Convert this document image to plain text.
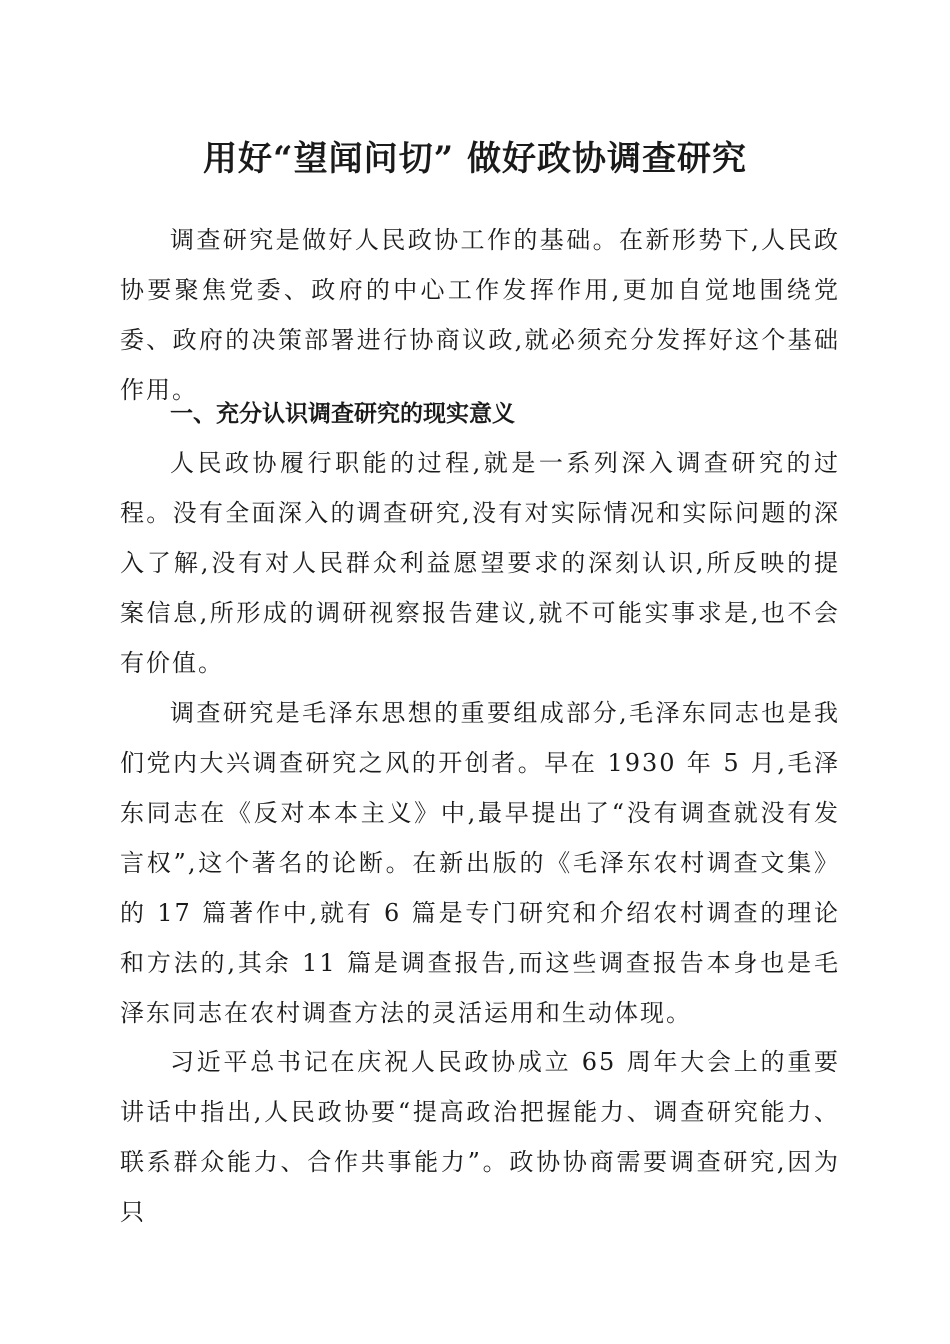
用好“望闻问切” 做好政协调查研究

调查研究是做好人民政协工作的基础。在新形势下,人民政协要聚焦党委、政府的中心工作发挥作用,更加自觉地围绕党委、政府的决策部署进行协商议政,就必须充分发挥好这个基础作用。

一、充分认识调查研究的现实意义

人民政协履行职能的过程,就是一系列深入调查研究的过程。没有全面深入的调查研究,没有对实际情况和实际问题的深入了解,没有对人民群众利益愿望要求的深刻认识,所反映的提案信息,所形成的调研视察报告建议,就不可能实事求是,也不会有价值。

调查研究是毛泽东思想的重要组成部分,毛泽东同志也是我们党内大兴调查研究之风的开创者。早在 1930 年 5 月,毛泽东同志在《反对本本主义》中,最早提出了“没有调查就没有发言权”,这个著名的论断。在新出版的《毛泽东农村调查文集》的 17 篇著作中,就有 6 篇是专门研究和介绍农村调查的理论和方法的,其余 11 篇是调查报告,而这些调查报告本身也是毛泽东同志在农村调查方法的灵活运用和生动体现。

习近平总书记在庆祝人民政协成立 65 周年大会上的重要讲话中指出,人民政协要“提高政治把握能力、调查研究能力、联系群众能力、合作共事能力”。政协协商需要调查研究,因为只
